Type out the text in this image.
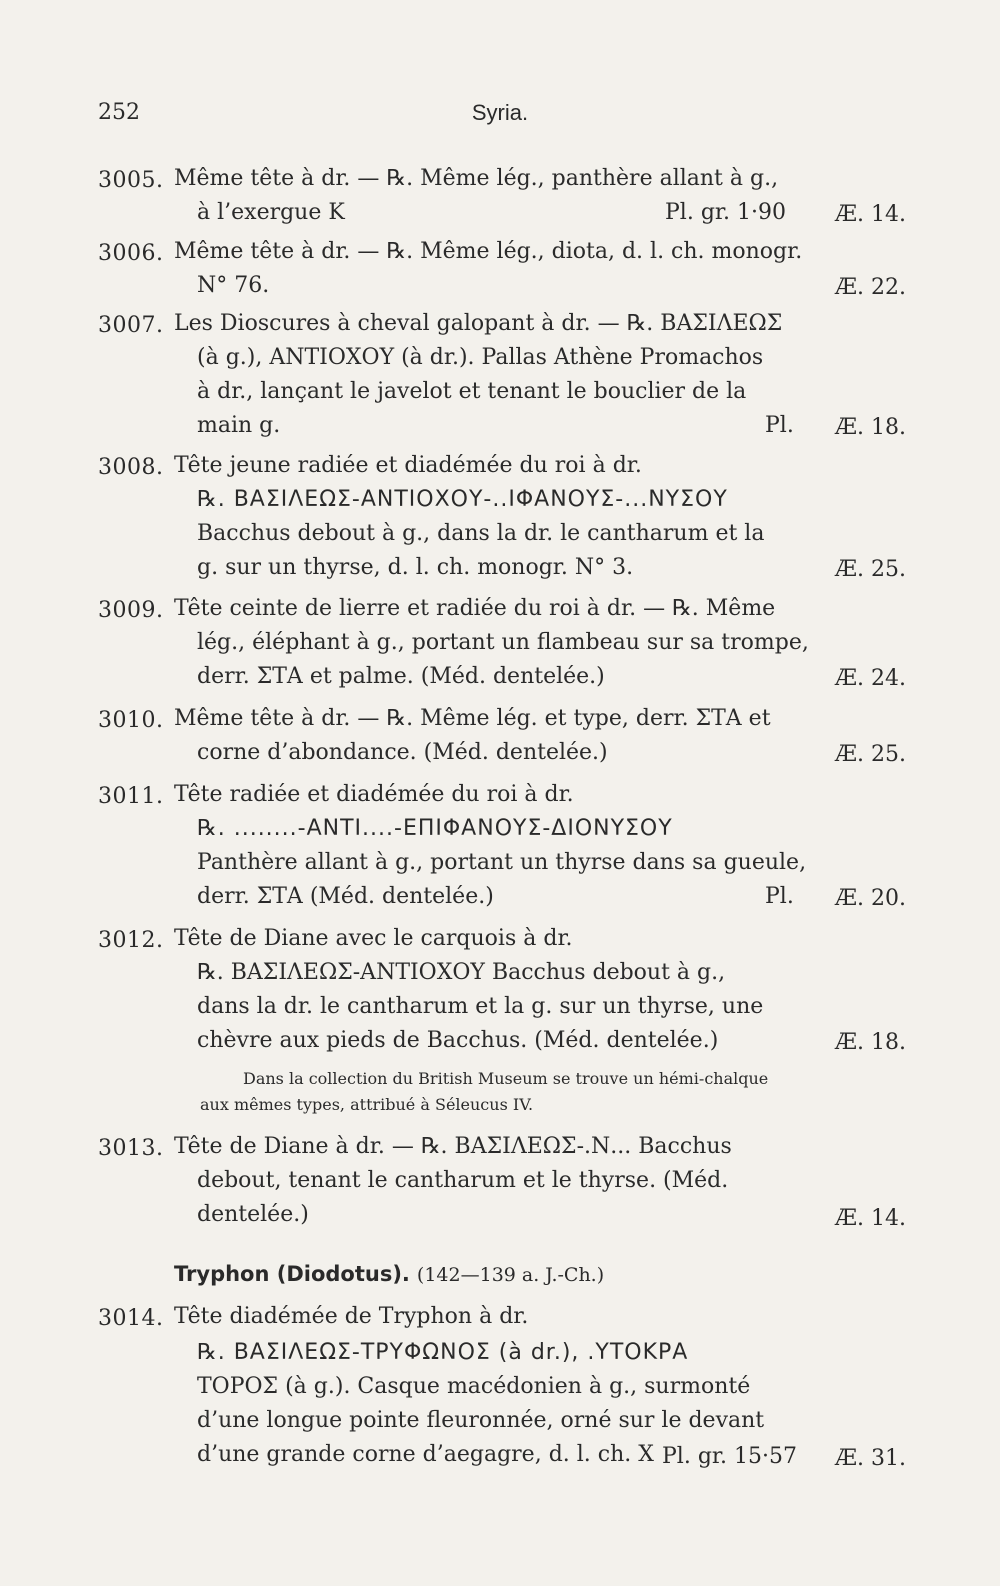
252	Syria.
3005. Même tête à dr. — ℞. Même lég., panthère allant à g.,
à l’exergue K	Pl. gr. 1·90 Æ. 14.
3006. Même tête à dr. — ℞. Même lég., diota, d. l. ch. monogr.
N° 76.	Æ. 22.
3007. Les Dioscures à cheval galopant à dr. — ℞. ΒΑΣΙΛΕΩΣ
(à g.), ΑΝΤΙΟΧΟΥ (à dr.). Pallas Athène Promachos
à dr., lançant le javelot et tenant le bouclier de la
main g.	Pl. Æ. 18.
3008. Tête jeune radiée et diadémée du roi à dr.
℞. ΒΑΣΙΛΕΩΣ-ΑΝΤΙΟΧΟΥ-..ΙΦΑΝΟΥΣ-...ΝΥΣΟΥ
Bacchus debout à g., dans la dr. le cantharum et la
g. sur un thyrse, d. l. ch. monogr. N° 3.	Æ. 25.
3009. Tête ceinte de lierre et radiée du roi à dr. — ℞. Même
lég., éléphant à g., portant un flambeau sur sa trompe,
derr. ΣΤΑ et palme. (Méd. dentelée.)	Æ. 24.
3010. Même tête à dr. — ℞. Même lég. et type, derr. ΣΤΑ et
corne d’abondance. (Méd. dentelée.)	Æ. 25.
3011. Tête radiée et diadémée du roi à dr.
℞. ........-ΑΝΤΙ....-ΕΠΙΦΑΝΟΥΣ-ΔΙΟΝΥΣΟΥ
Panthère allant à g., portant un thyrse dans sa gueule,
derr. ΣΤΑ (Méd. dentelée.)	Pl. Æ. 20.
3012. Tête de Diane avec le carquois à dr.
℞. ΒΑΣΙΛΕΩΣ-ΑΝΤΙΟΧΟΥ Bacchus debout à g.,
dans la dr. le cantharum et la g. sur un thyrse, une
chèvre aux pieds de Bacchus. (Méd. dentelée.)	Æ. 18.
Dans la collection du British Museum se trouve un hémi-chalque
aux mêmes types, attribué à Séleucus IV.
3013. Tête de Diane à dr. — ℞. ΒΑΣΙΛΕΩΣ-.Ν... Bacchus
debout, tenant le cantharum et le thyrse. (Méd.
dentelée.)	Æ. 14.
Tryphon (Diodotus). (142—139 a. J.-Ch.)
3014. Tête diadémée de Tryphon à dr.
℞. ΒΑΣΙΛΕΩΣ-ΤΡΥΦΩΝΟΣ (à dr.), .ΥΤΟΚΡΑ
ΤΟΡΟΣ (à g.). Casque macédonien à g., surmonté
d’une longue pointe fleuronnée, orné sur le devant
d’une grande corne d’aegagre, d. l. ch. X Pl. gr. 15·57 Æ. 31.
